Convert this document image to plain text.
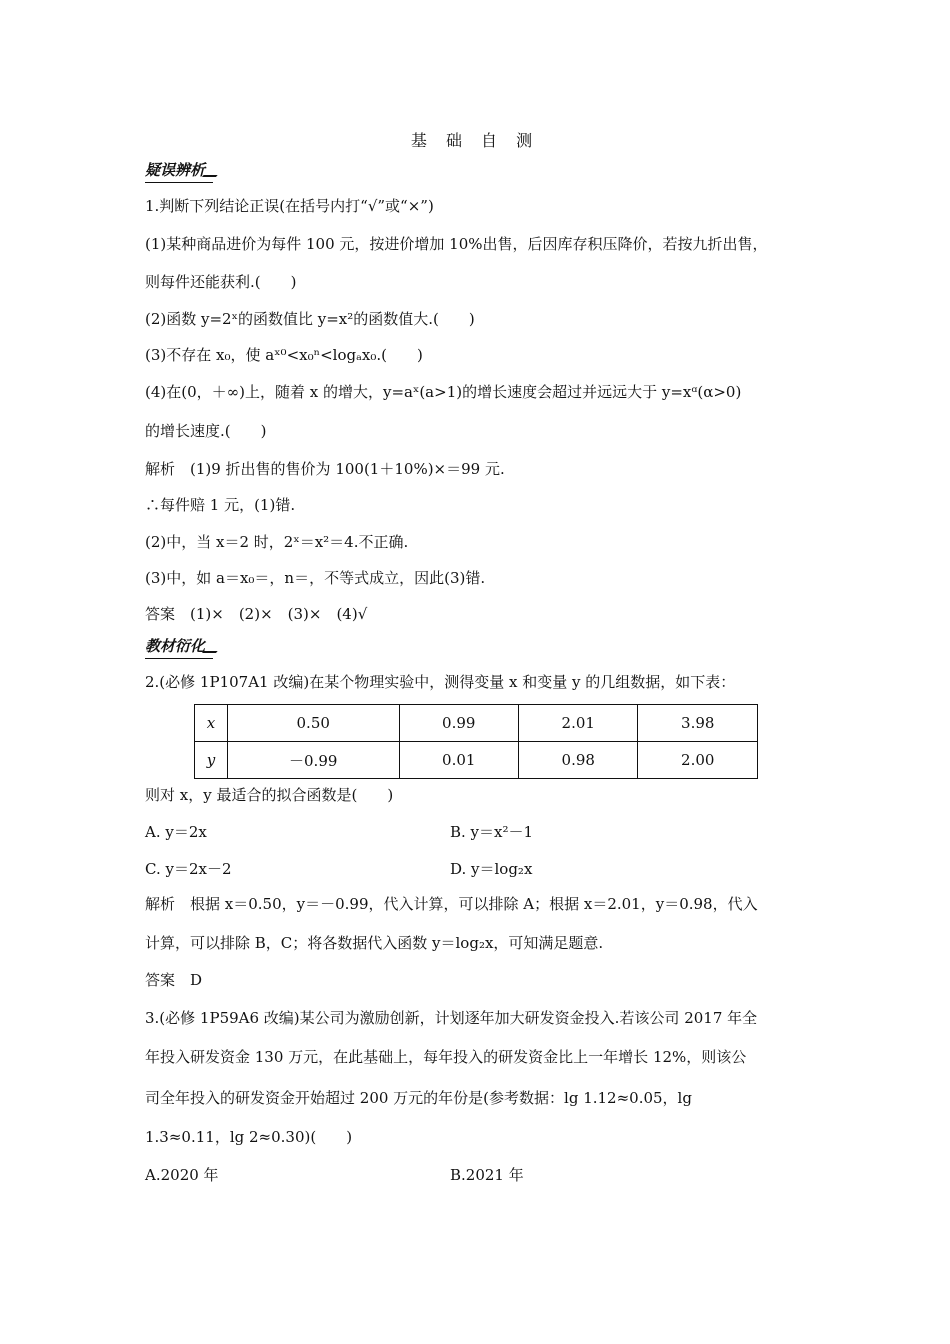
基 础 自 测
疑误辨析
1.判断下列结论正误(在括号内打“√”或“×”)
(1)某种商品进价为每件 100 元，按进价增加 10%出售，后因库存积压降价，若按九折出售，
则每件还能获利.(　　)
(2)函数 y=2ˣ的函数值比 y=x²的函数值大.(　　)
(3)不存在 x₀，使 aˣ⁰<x₀ⁿ<logₐx₀.(　　)
(4)在(0，＋∞)上，随着 x 的增大，y=aˣ(a>1)的增长速度会超过并远远大于 y=xᵅ(α>0)
的增长速度.(　　)
解析　(1)9 折出售的售价为 100(1＋10%)×＝99 元.
∴每件赔 1 元，(1)错.
(2)中，当 x＝2 时，2ˣ＝x²＝4.不正确.
(3)中，如 a＝x₀＝，n＝，不等式成立，因此(3)错.
答案　(1)×　(2)×　(3)×　(4)√
教材衍化
2.(必修 1P107A1 改编)在某个物理实验中，测得变量 x 和变量 y 的几组数据，如下表：
x	0.50	0.99	2.01	3.98
y	－0.99	0.01	0.98	2.00
则对 x，y 最适合的拟合函数是(　　)
A. y＝2x	B. y＝x²－1
C. y＝2x－2	D. y＝log₂x
解析　根据 x＝0.50，y＝－0.99，代入计算，可以排除 A；根据 x＝2.01，y＝0.98，代入
计算，可以排除 B，C；将各数据代入函数 y＝log₂x，可知满足题意.
答案　D
3.(必修 1P59A6 改编)某公司为激励创新，计划逐年加大研发资金投入.若该公司 2017 年全
年投入研发资金 130 万元，在此基础上，每年投入的研发资金比上一年增长 12%，则该公
司全年投入的研发资金开始超过 200 万元的年份是(参考数据：lg 1.12≈0.05，lg
1.3≈0.11，lg 2≈0.30)(　　)
A.2020 年	B.2021 年
